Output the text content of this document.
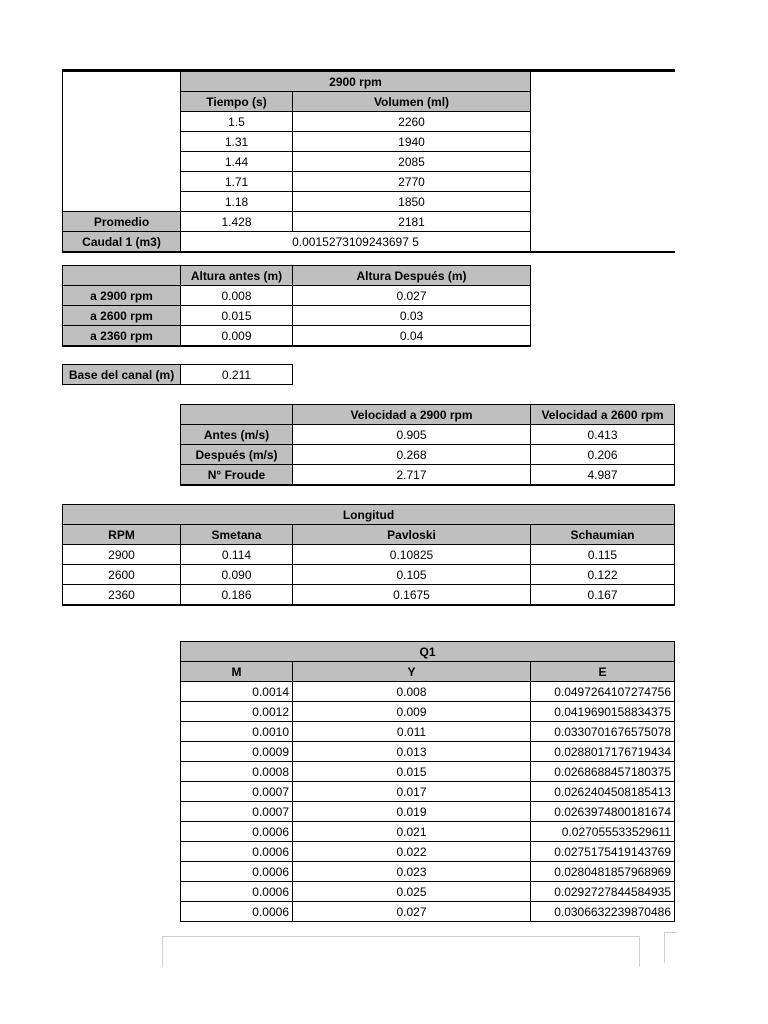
	2900 rpm		
	Tiempo (s)	Volumen (ml)	
	1.5	2260	
	1.31	1940	
	1.44	2085	
	1.71	2770	
	1.18	1850	
Promedio	1.428	2181	
Caudal 1 (m3)	0.0015273109243697 5		
	Altura antes (m)	Altura Después (m)
a 2900 rpm	0.008	0.027
a 2600 rpm	0.015	0.03
a 2360 rpm	0.009	0.04
Base del canal (m)	0.211
	Velocidad a 2900 rpm	Velocidad a 2600 rpm
Antes (m/s)	0.905	0.413
Después (m/s)	0.268	0.206
N° Froude	2.717	4.987
Longitud			
RPM	Smetana	Pavloski	Schaumian
2900	0.114	0.10825	0.115
2600	0.090	0.105	0.122
2360	0.186	0.1675	0.167
Q1		
M	Y	E
0.0014	0.008	0.0497264107274756
0.0012	0.009	0.0419690158834375
0.0010	0.011	0.0330701676575078
0.0009	0.013	0.0288017176719434
0.0008	0.015	0.0268688457180375
0.0007	0.017	0.0262404508185413
0.0007	0.019	0.0263974800181674
0.0006	0.021	0.027055533529611
0.0006	0.022	0.0275175419143769
0.0006	0.023	0.0280481857968969
0.0006	0.025	0.0292727844584935
0.0006	0.027	0.0306632239870486
